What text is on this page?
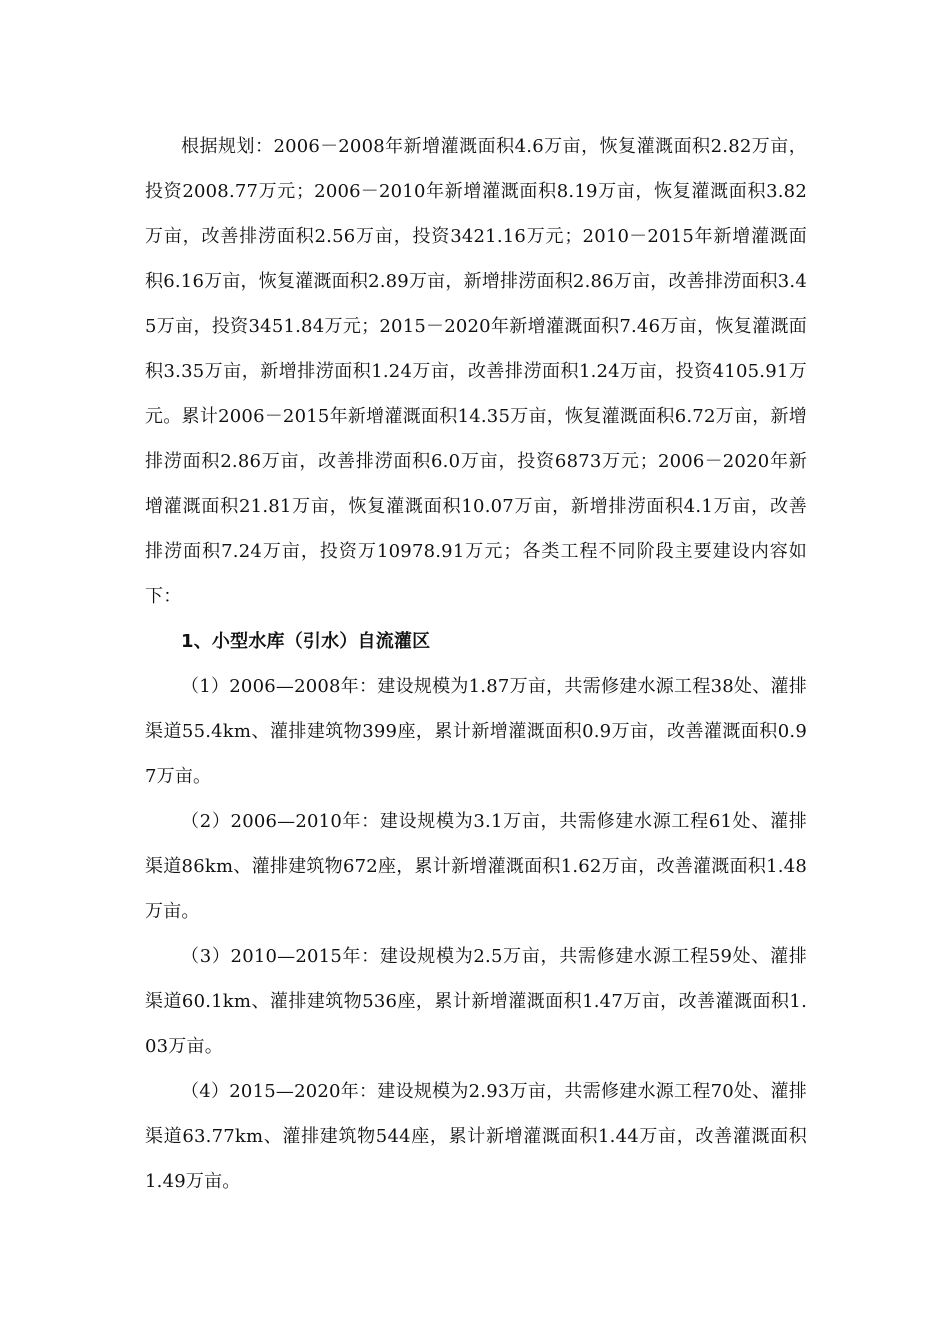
根据规划：2006－2008年新增灌溉面积4.6万亩，恢复灌溉面积2.82万亩，投资2008.77万元；2006－2010年新增灌溉面积8.19万亩，恢复灌溉面积3.82万亩，改善排涝面积2.56万亩，投资3421.16万元；2010－2015年新增灌溉面积6.16万亩，恢复灌溉面积2.89万亩，新增排涝面积2.86万亩，改善排涝面积3.45万亩，投资3451.84万元；2015－2020年新增灌溉面积7.46万亩，恢复灌溉面积3.35万亩，新增排涝面积1.24万亩，改善排涝面积1.24万亩，投资4105.91万元。累计2006－2015年新增灌溉面积14.35万亩，恢复灌溉面积6.72万亩，新增排涝面积2.86万亩，改善排涝面积6.0万亩，投资6873万元；2006－2020年新增灌溉面积21.81万亩，恢复灌溉面积10.07万亩，新增排涝面积4.1万亩，改善排涝面积7.24万亩，投资万10978.91万元；各类工程不同阶段主要建设内容如下：

1、小型水库（引水）自流灌区

（1）2006—2008年：建设规模为1.87万亩，共需修建水源工程38处、灌排渠道55.4km、灌排建筑物399座，累计新增灌溉面积0.9万亩，改善灌溉面积0.97万亩。

（2）2006—2010年：建设规模为3.1万亩，共需修建水源工程61处、灌排渠道86km、灌排建筑物672座，累计新增灌溉面积1.62万亩，改善灌溉面积1.48万亩。

（3）2010—2015年：建设规模为2.5万亩，共需修建水源工程59处、灌排渠道60.1km、灌排建筑物536座，累计新增灌溉面积1.47万亩，改善灌溉面积1.03万亩。

（4）2015—2020年：建设规模为2.93万亩，共需修建水源工程70处、灌排渠道63.77km、灌排建筑物544座，累计新增灌溉面积1.44万亩，改善灌溉面积1.49万亩。
